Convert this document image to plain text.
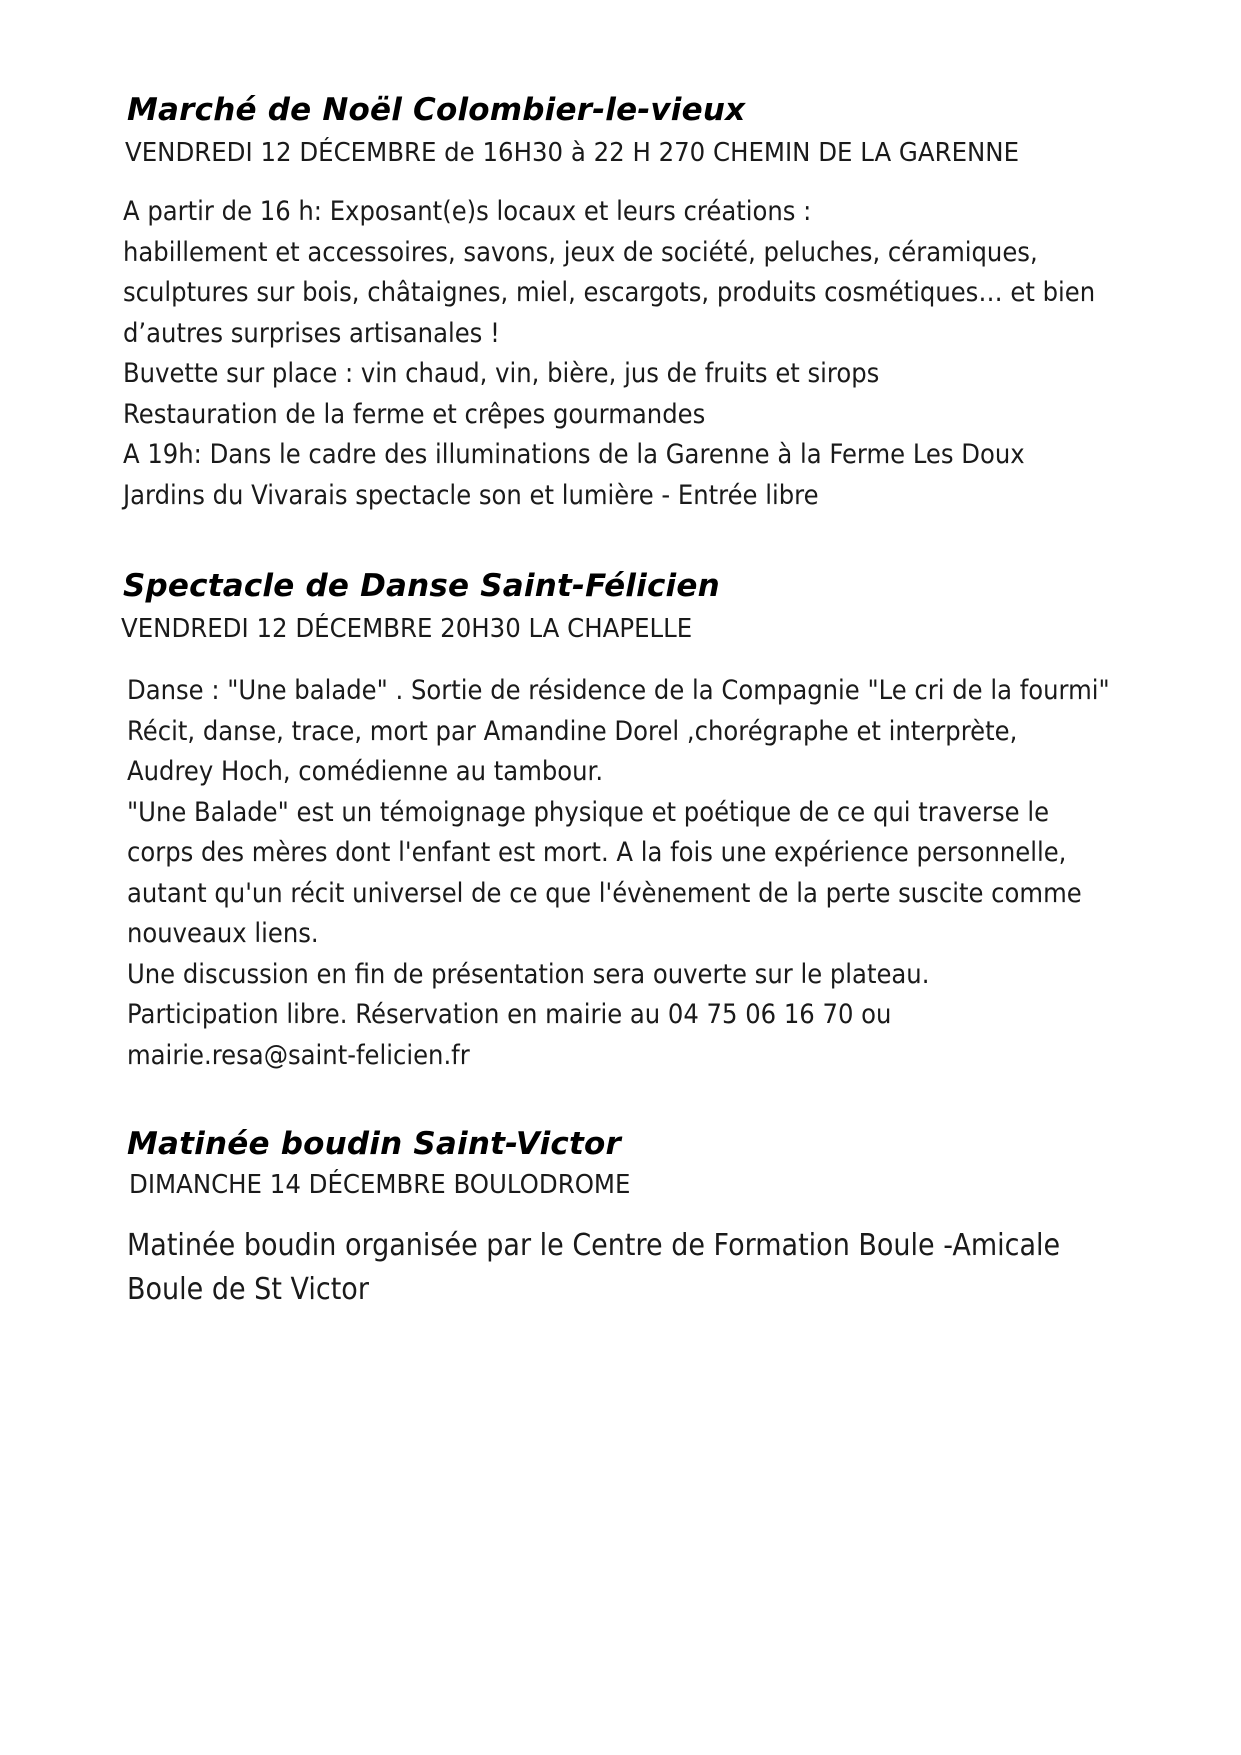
Marché de Noël Colombier-le-vieux

VENDREDI 12 DÉCEMBRE de 16H30 à 22 H 270 CHEMIN DE LA GARENNE

A partir de 16 h: Exposant(e)s locaux et leurs créations :
habillement et accessoires, savons, jeux de société, peluches, céramiques,
sculptures sur bois, châtaignes, miel, escargots, produits cosmétiques… et bien
d’autres surprises artisanales !
Buvette sur place : vin chaud, vin, bière, jus de fruits et sirops
Restauration de la ferme et crêpes gourmandes
A 19h: Dans le cadre des illuminations de la Garenne à la Ferme Les Doux
Jardins du Vivarais spectacle son et lumière - Entrée libre
Spectacle de Danse Saint-Félicien

VENDREDI 12 DÉCEMBRE 20H30 LA CHAPELLE

Danse : "Une balade" . Sortie de résidence de la Compagnie "Le cri de la fourmi"
Récit, danse, trace, mort par Amandine Dorel ,chorégraphe et interprète,
Audrey Hoch, comédienne au tambour.
"Une Balade" est un témoignage physique et poétique de ce qui traverse le
corps des mères dont l'enfant est mort. A la fois une expérience personnelle,
autant qu'un récit universel de ce que l'évènement de la perte suscite comme
nouveaux liens.
Une discussion en fin de présentation sera ouverte sur le plateau.
Participation libre. Réservation en mairie au 04 75 06 16 70 ou
mairie.resa@saint-felicien.fr
Matinée boudin Saint-Victor

DIMANCHE 14 DÉCEMBRE BOULODROME

Matinée boudin organisée par le Centre de Formation Boule -Amicale
Boule de St Victor
